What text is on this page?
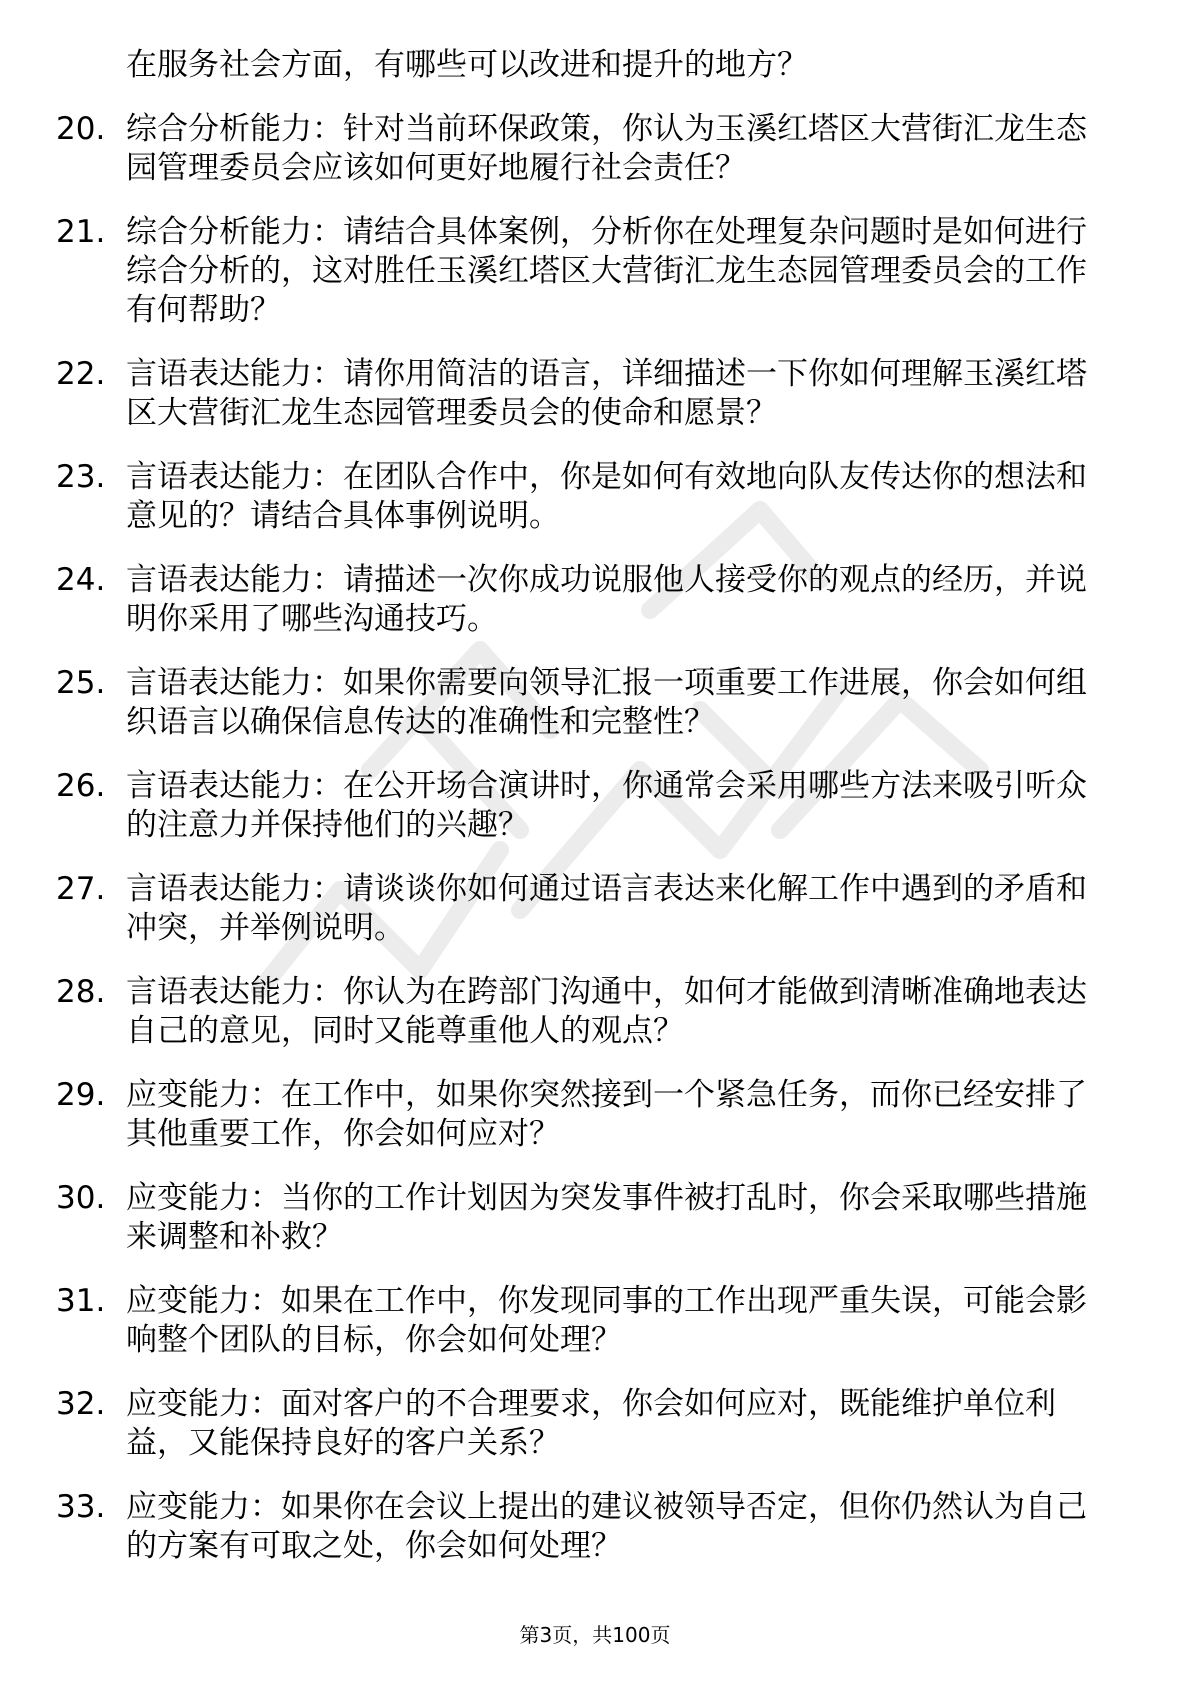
在服务社会方面，有哪些可以改进和提升的地方？
20. 综合分析能力：针对当前环保政策，你认为玉溪红塔区大营街汇龙生态园管理委员会应该如何更好地履行社会责任？
21. 综合分析能力：请结合具体案例，分析你在处理复杂问题时是如何进行综合分析的，这对胜任玉溪红塔区大营街汇龙生态园管理委员会的工作有何帮助？
22. 言语表达能力：请你用简洁的语言，详细描述一下你如何理解玉溪红塔区大营街汇龙生态园管理委员会的使命和愿景？
23. 言语表达能力：在团队合作中，你是如何有效地向队友传达你的想法和意见的？请结合具体事例说明。
24. 言语表达能力：请描述一次你成功说服他人接受你的观点的经历，并说明你采用了哪些沟通技巧。
25. 言语表达能力：如果你需要向领导汇报一项重要工作进展，你会如何组织语言以确保信息传达的准确性和完整性？
26. 言语表达能力：在公开场合演讲时，你通常会采用哪些方法来吸引听众的注意力并保持他们的兴趣？
27. 言语表达能力：请谈谈你如何通过语言表达来化解工作中遇到的矛盾和冲突，并举例说明。
28. 言语表达能力：你认为在跨部门沟通中，如何才能做到清晰准确地表达自己的意见，同时又能尊重他人的观点？
29. 应变能力：在工作中，如果你突然接到一个紧急任务，而你已经安排了其他重要工作，你会如何应对？
30. 应变能力：当你的工作计划因为突发事件被打乱时，你会采取哪些措施来调整和补救？
31. 应变能力：如果在工作中，你发现同事的工作出现严重失误，可能会影响整个团队的目标，你会如何处理？
32. 应变能力：面对客户的不合理要求，你会如何应对，既能维护单位利益，又能保持良好的客户关系？
33. 应变能力：如果你在会议上提出的建议被领导否定，但你仍然认为自己的方案有可取之处，你会如何处理？
第3页，共100页
